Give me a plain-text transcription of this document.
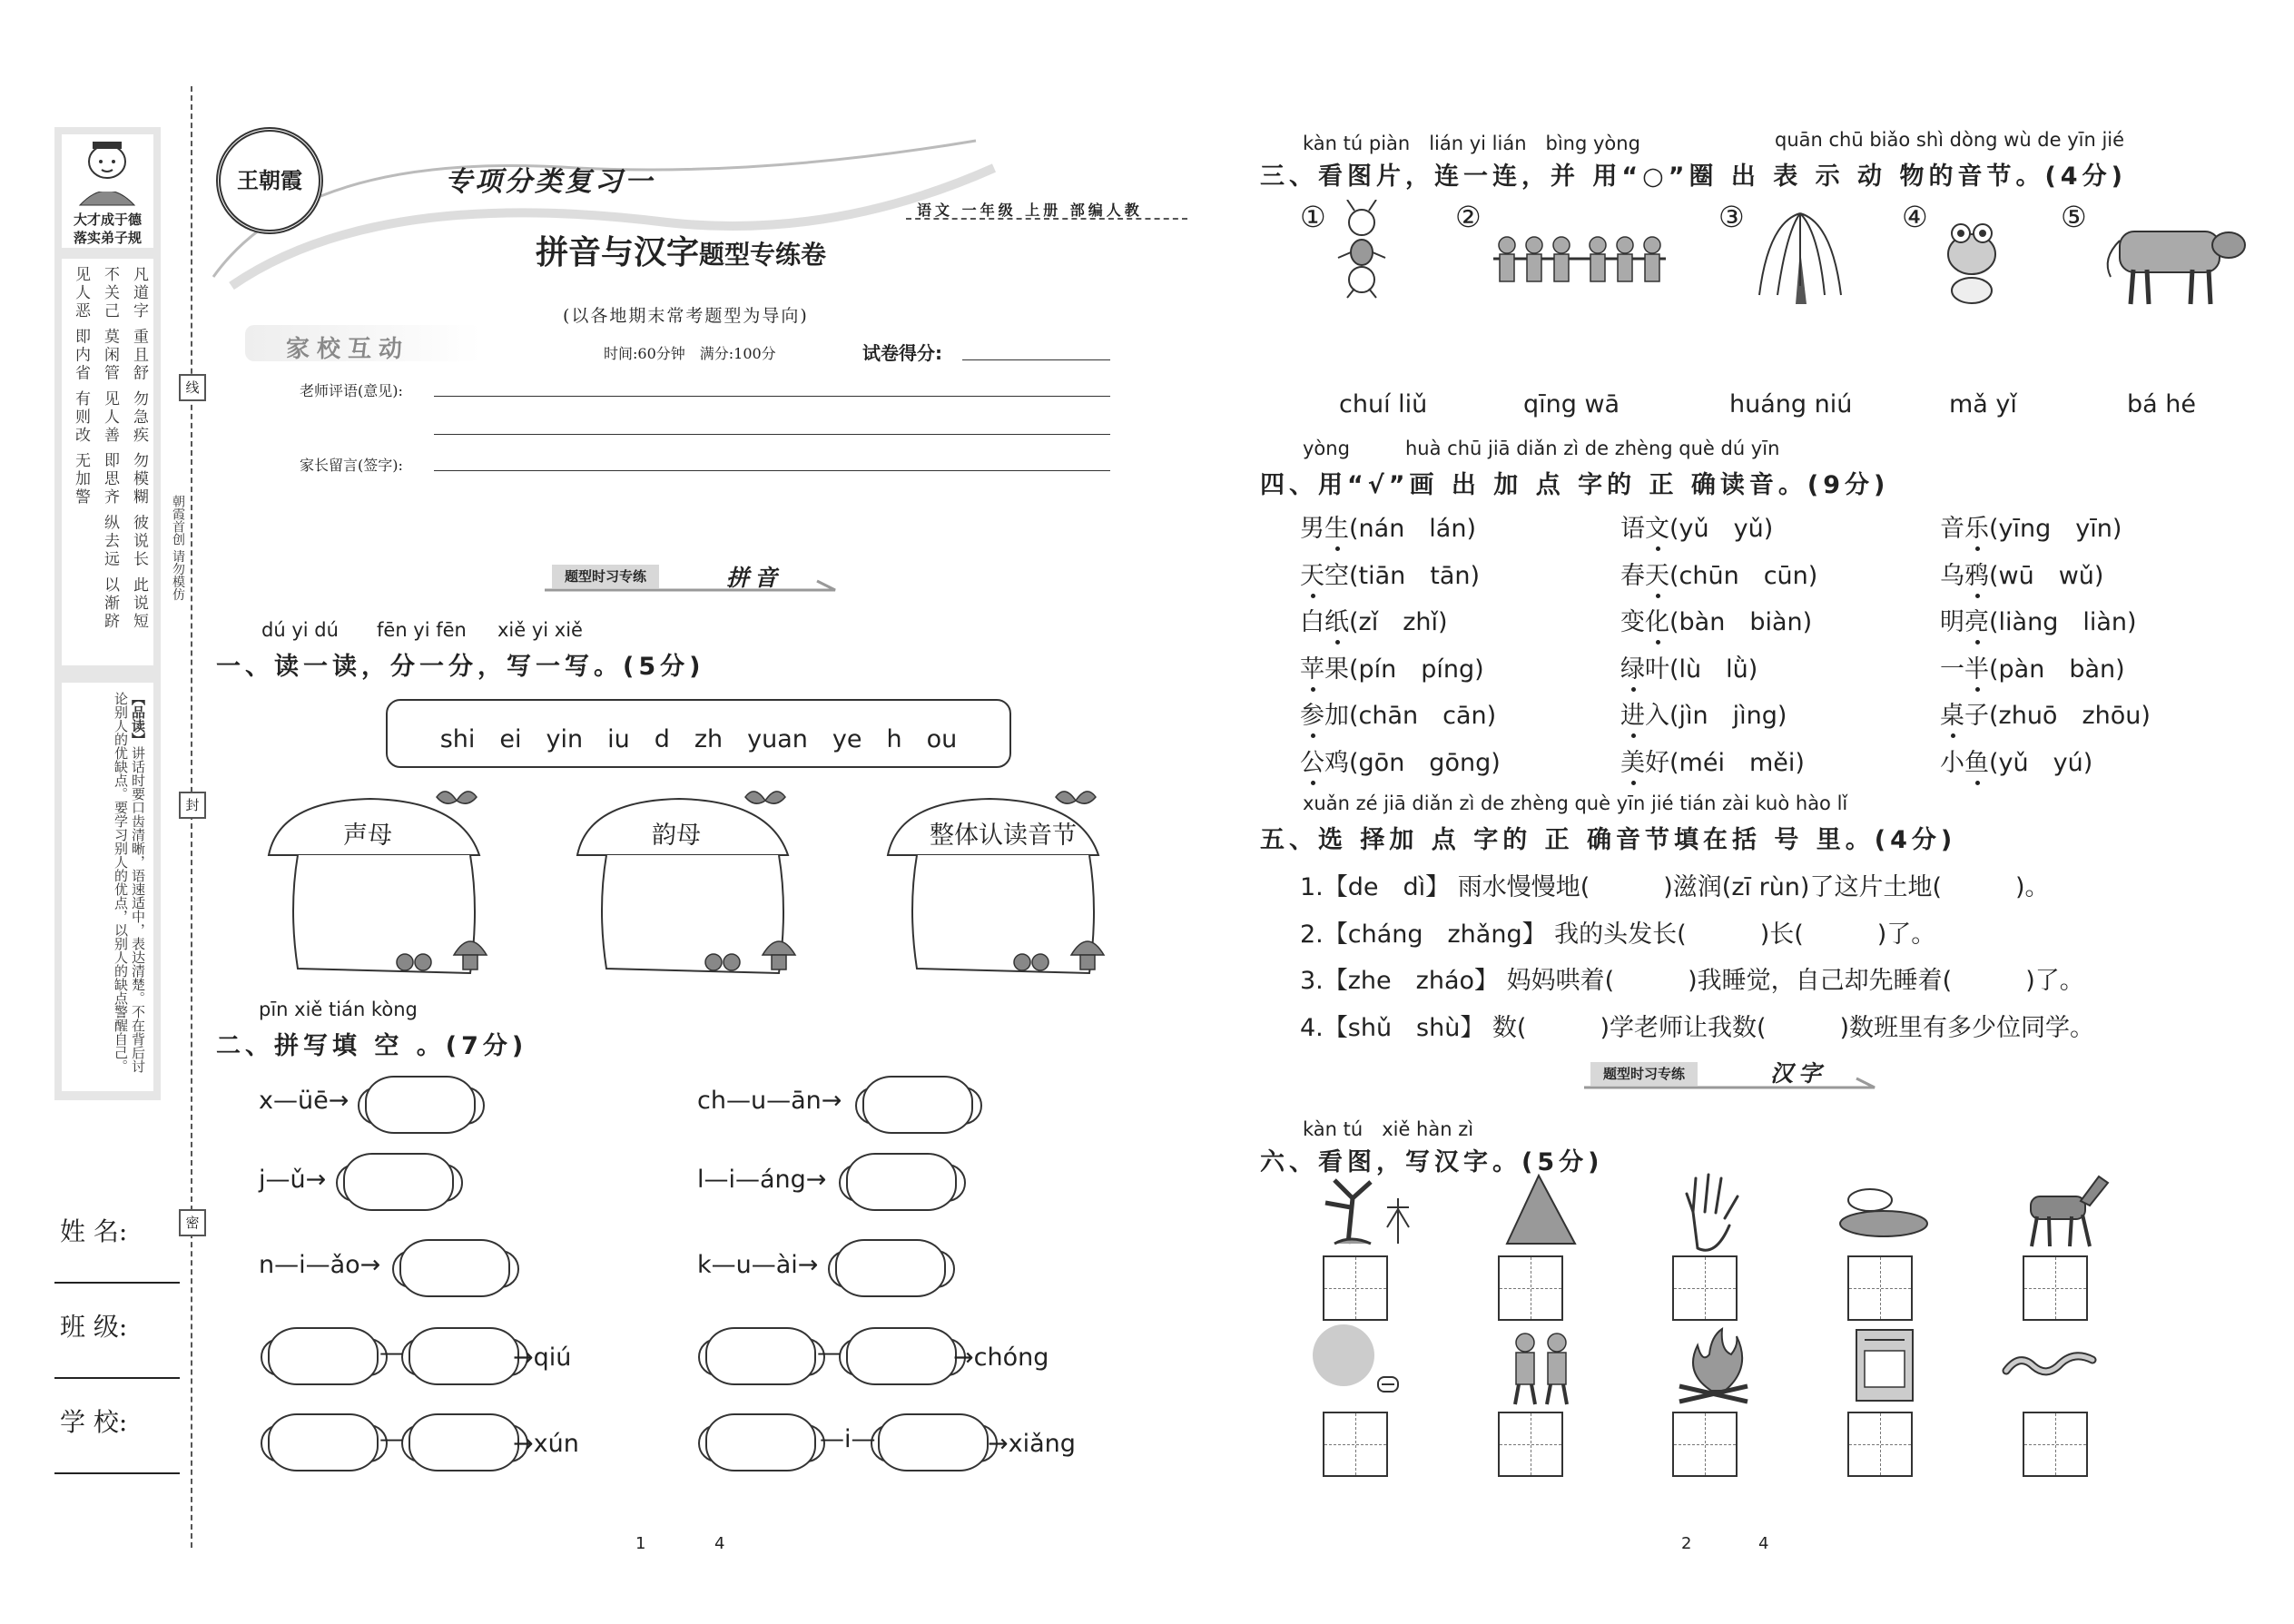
大才成于德
落实弟子规
凡道字 重且舒 勿急疾 勿模糊 彼说长 此说短
不关己 莫闲管 见人善 即思齐 纵去远 以渐跻
见人恶 即内省 有则改 无加警
【品读】讲话时要口齿清晰，语速适中，表达清楚。不在背后讨论别人的优缺点。要学习别人的优点，以别人的缺点警醒自己。
朝霞首创 请勿模仿
线
封
密
姓 名:
班 级:
学 校:
王朝霞	专项分类复习一
语文 一年级 上册 部编人教
拼音与汉字题型专练卷
(以各地期末常考题型为导向)
家校互动	时间:60分钟　满分:100分	试卷得分:
老师评语(意见):
家长留言(签字):
题型时习专练	拼音
dú yi dú fēn yi fēn xiě yi xiě
一、读一读，分一分，写一写。(5分)
shi　ei　yin　iu　d　zh　yuan　ye　h　ou
声母	韵母	整体认读音节
pīn xiě tián kòng
二、拼写填 空 。(7分)
x—üē→
j—ǔ→
n—i—ǎo→
ch—u—ān→
l—i—áng→
k—u—ài→
—	→qiú	—	→chóng
—	→xún	—i—	→xiǎng
1	4
kàn tú piàn　lián yi lián　bìng yòng	quān chū biǎo shì dòng wù de yīn jié
三、看图片，连一连，并 用“○”圈 出 表 示 动 物的音节。(4分)
①	②	③	④	⑤
chuí liǔ	qīng wā	huáng niú	mǎ yǐ	bá hé
yòng	huà chū jiā diǎn zì de zhèng què dú yīn
四、用“√”画 出 加 点 字的 正 确读音。(9分)
xuǎn zé jiā diǎn zì de zhèng què yīn jié tián zài kuò hào lǐ
五、选 择加 点 字的 正 确音节填在括 号 里。(4分)
1.【de　dì】 雨水慢慢地(　　　)滋润(zī rùn)了这片土地(　　　)。
2.【cháng　zhǎng】 我的头发长(　　　)长(　　　)了。
3.【zhe　zháo】 妈妈哄着(　　　)我睡觉，自己却先睡着(　　　)了。
4.【shǔ　shù】 数(　　　)学老师让我数(　　　)数班里有多少位同学。
题型时习专练	汉字
kàn tú　xiě hàn zì
六、看图，写汉字。(5分)
2	4
男生(nán　lán)	语文(yǔ　yǔ)	音乐(yīng　yīn)
天空(tiān　tān)	春天(chūn　cūn)	乌鸦(wū　wǔ)
白纸(zǐ　zhǐ)	变化(bàn　biàn)	明亮(liàng　liàn)
苹果(pín　píng)	绿叶(lù　lǜ)	一半(pàn　bàn)
参加(chān　cān)	进入(jìn　jìng)	桌子(zhuō　zhōu)
公鸡(gōn　gōng)	美好(méi　měi)	小鱼(yǔ　yú)
